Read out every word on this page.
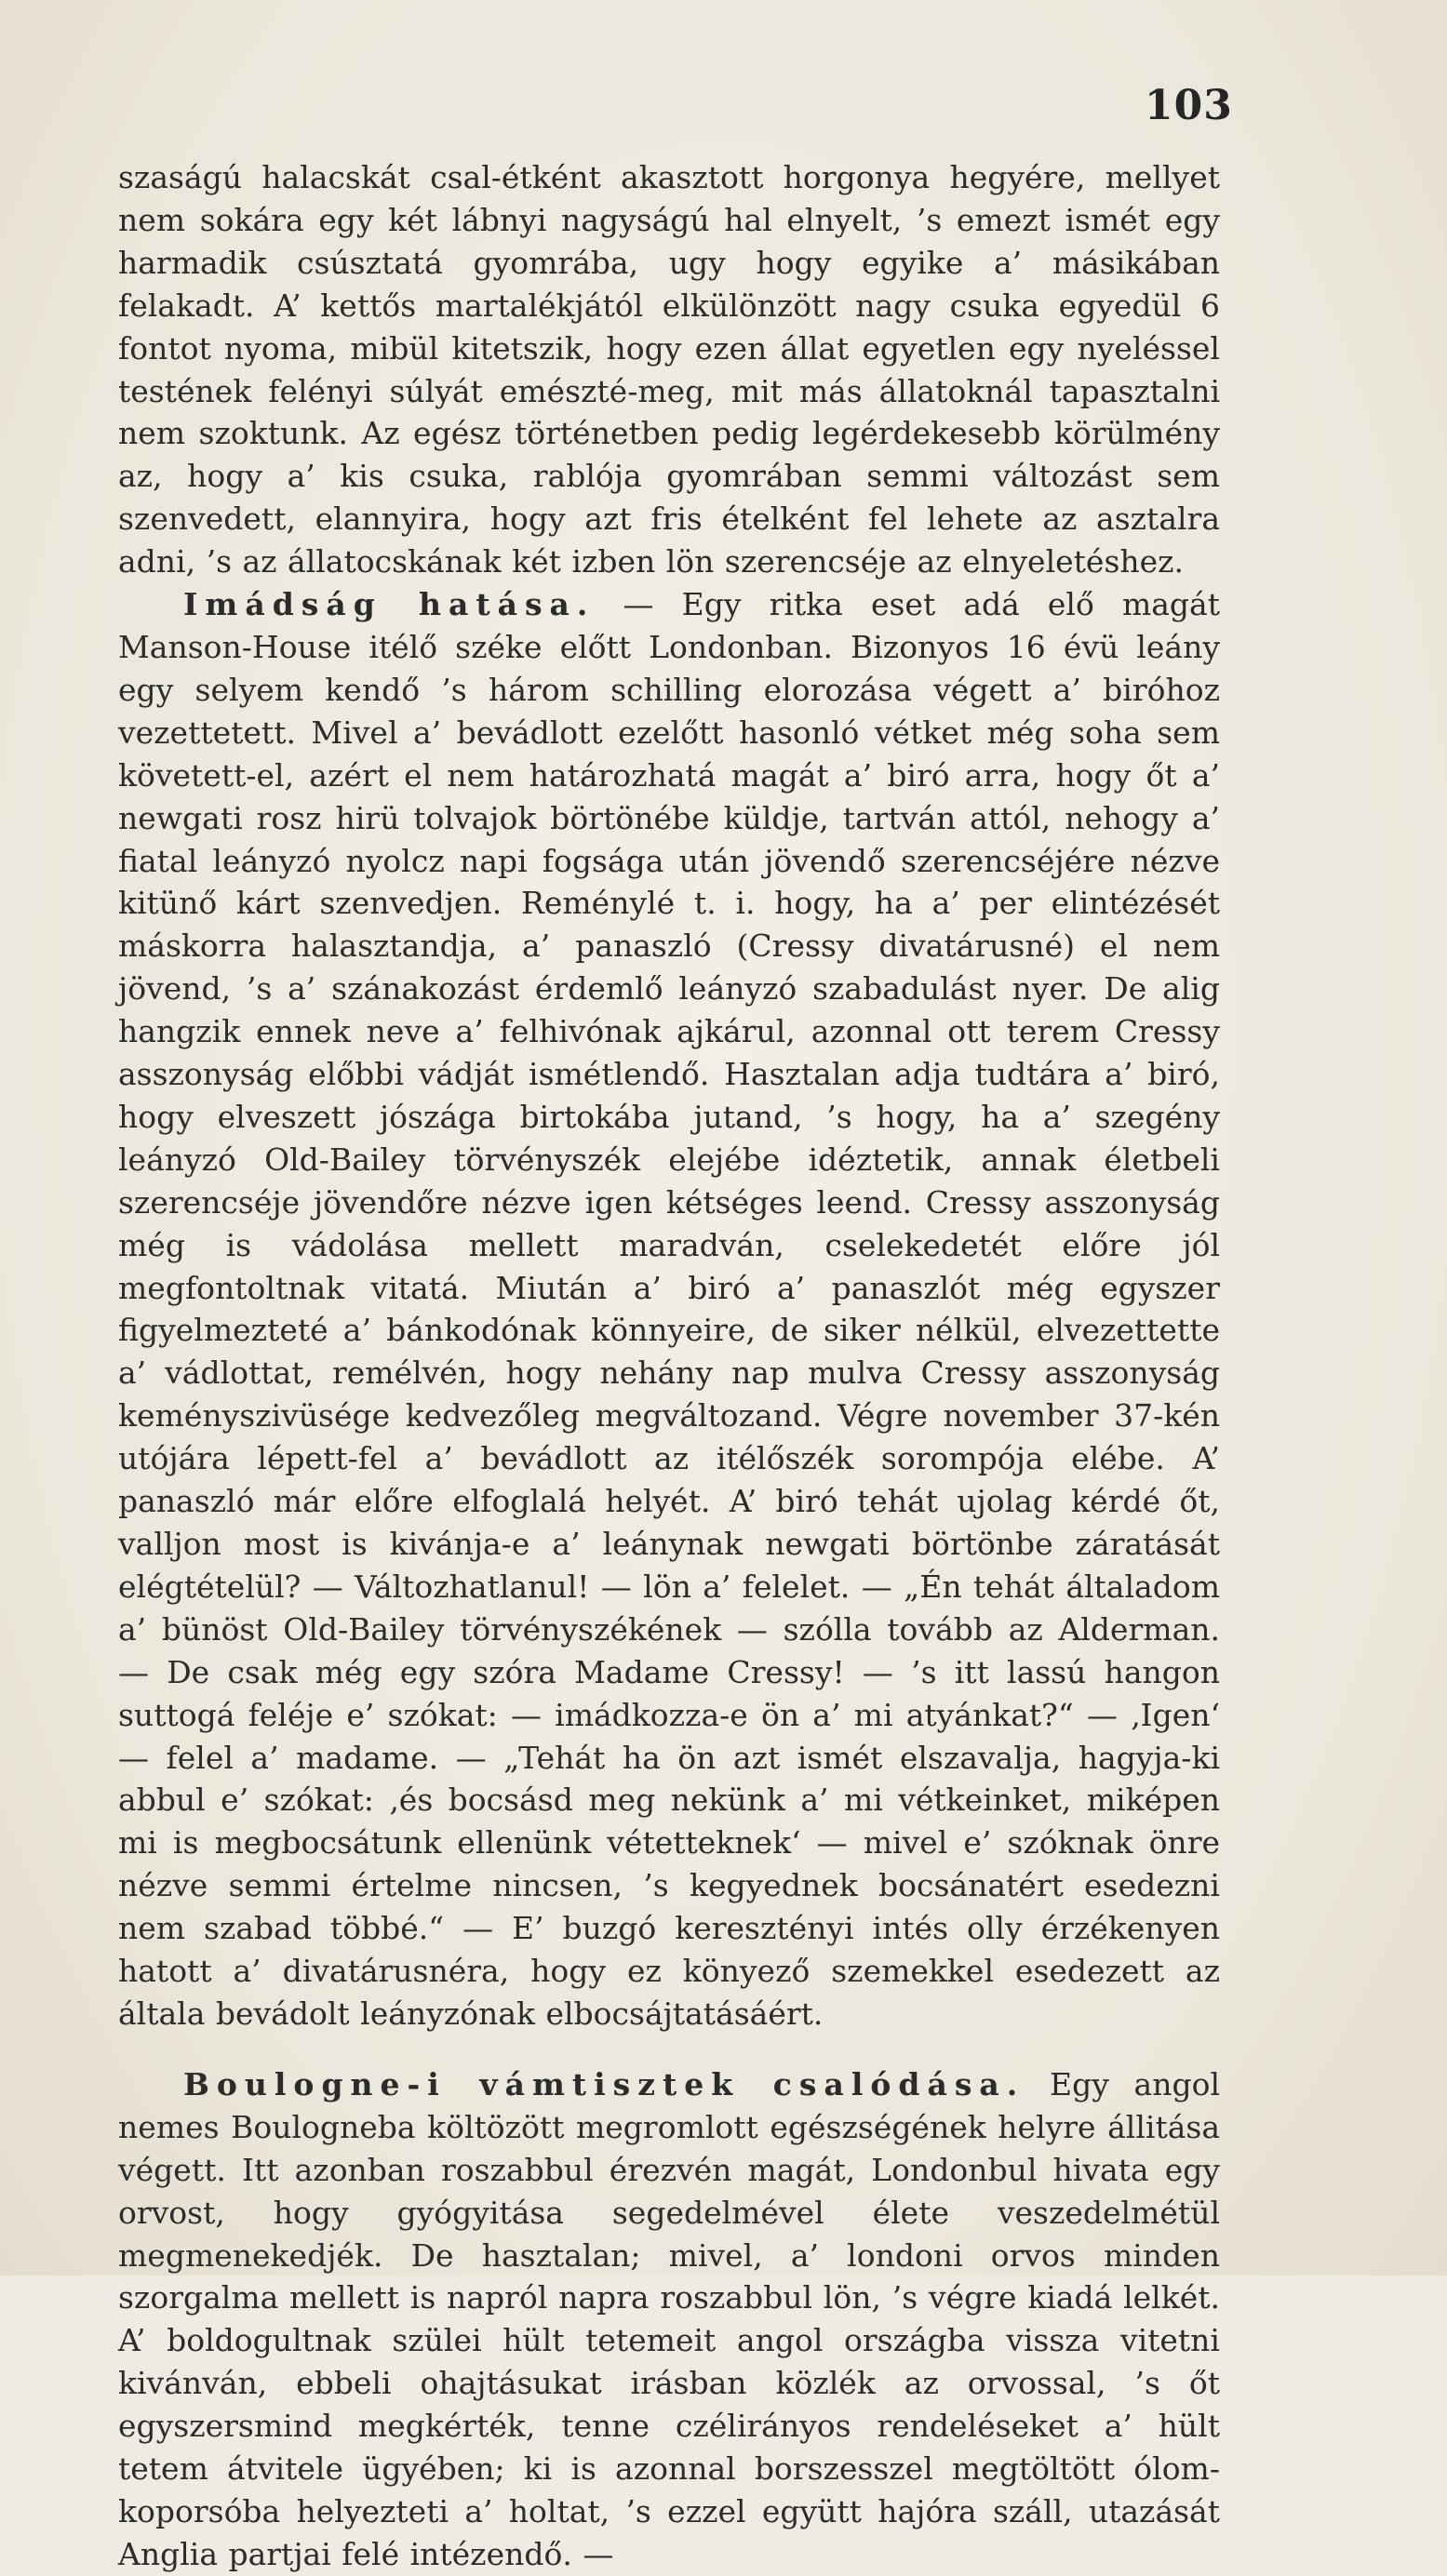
103

szaságú halacskát csal-étként akasztott horgonya hegyére, mellyet nem sokára egy két lábnyi nagyságú hal elnyelt, ’s emezt ismét egy harmadik csúsztatá gyomrába, ugy hogy egyike a’ másikában felakadt. A’ kettős martalékjától elkülönzött nagy csuka egyedül 6 fontot nyoma, mibül kitetszik, hogy ezen állat egyetlen egy nyeléssel testének felényi súlyát emészté-meg, mit más állatoknál tapasztalni nem szoktunk. Az egész történetben pedig legérdekesebb körülmény az, hogy a’ kis csuka, rablója gyomrában semmi változást sem szenvedett, elannyira, hogy azt fris ételként fel lehete az asztalra adni, ’s az állatocskának két izben lön szerencséje az elnyeletéshez.

Imádság hatása. — Egy ritka eset adá elő magát Manson-House itélő széke előtt Londonban. Bizonyos 16 évü leány egy selyem kendő ’s három schilling elorozása végett a’ biróhoz vezettetett. Mivel a’ bevádlott ezelőtt hasonló vétket még soha sem követett-el, azért el nem határozhatá magát a’ biró arra, hogy őt a’ newgati rosz hirü tolvajok börtönébe küldje, tartván attól, nehogy a’ fiatal leányzó nyolcz napi fogsága után jövendő szerencséjére nézve kitünő kárt szenvedjen. Reménylé t. i. hogy, ha a’ per elintézését máskorra halasztandja, a’ panaszló (Cressy divatárusné) el nem jövend, ’s a’ szánakozást érdemlő leányzó szabadulást nyer. De alig hangzik ennek neve a’ felhivónak ajkárul, azonnal ott terem Cressy asszonyság előbbi vádját ismétlendő. Hasztalan adja tudtára a’ biró, hogy elveszett jószága birtokába jutand, ’s hogy, ha a’ szegény leányzó Old-Bailey törvényszék elejébe idéztetik, annak életbeli szerencséje jövendőre nézve igen kétséges leend. Cressy asszonyság még is vádolása mellett maradván, cselekedetét előre jól megfontoltnak vitatá. Miután a’ biró a’ panaszlót még egyszer figyelmezteté a’ bánkodónak könnyeire, de siker nélkül, elvezettette a’ vádlottat, remélvén, hogy nehány nap mulva Cressy asszonyság keményszivüsége kedvezőleg megváltozand. Végre november 37-kén utójára lépett-fel a’ bevádlott az itélőszék sorompója elébe. A’ panaszló már előre elfoglalá helyét. A’ biró tehát ujolag kérdé őt, valljon most is kivánja-e a’ leánynak newgati börtönbe záratását elégtételül? — Változhatlanul! — lön a’ felelet. — „Én tehát általadom a’ bünöst Old-Bailey törvényszékének — szólla tovább az Alderman. — De csak még egy szóra Madame Cressy! — ’s itt lassú hangon suttogá feléje e’ szókat: — imádkozza-e ön a’ mi atyánkat?“ — ‚Igen‘ — felel a’ madame. — „Tehát ha ön azt ismét elszavalja, hagyja-ki abbul e’ szókat: ‚és bocsásd meg nekünk a’ mi vétkeinket, miképen mi is megbocsátunk ellenünk vétetteknek‘ — mivel e’ szóknak önre nézve semmi értelme nincsen, ’s kegyednek bocsánatért esedezni nem szabad többé.“ — E’ buzgó keresztényi intés olly érzékenyen hatott a’ divatárusnéra, hogy ez könyező szemekkel esedezett az általa bevádolt leányzónak elbocsájtatásáért.

Boulogne-i vámtisztek csalódása. Egy angol nemes Boulogneba költözött megromlott egészségének helyre állitása végett. Itt azonban roszabbul érezvén magát, Londonbul hivata egy orvost, hogy gyógyitása segedelmével élete veszedelmétül megmenekedjék. De hasztalan; mivel, a’ londoni orvos minden szorgalma mellett is napról napra roszabbul lön, ’s végre kiadá lelkét. A’ boldogultnak szülei hült tetemeit angol országba vissza vitetni kivánván, ebbeli ohajtásukat irásban közlék az orvossal, ’s őt egyszersmind megkérték, tenne czélirányos rendeléseket a’ hült tetem átvitele ügyében; ki is azonnal borszesszel megtöltött ólom-koporsóba helyezteti a’ holtat, ’s ezzel együtt hajóra száll, utazását Anglia partjai felé intézendő. —
